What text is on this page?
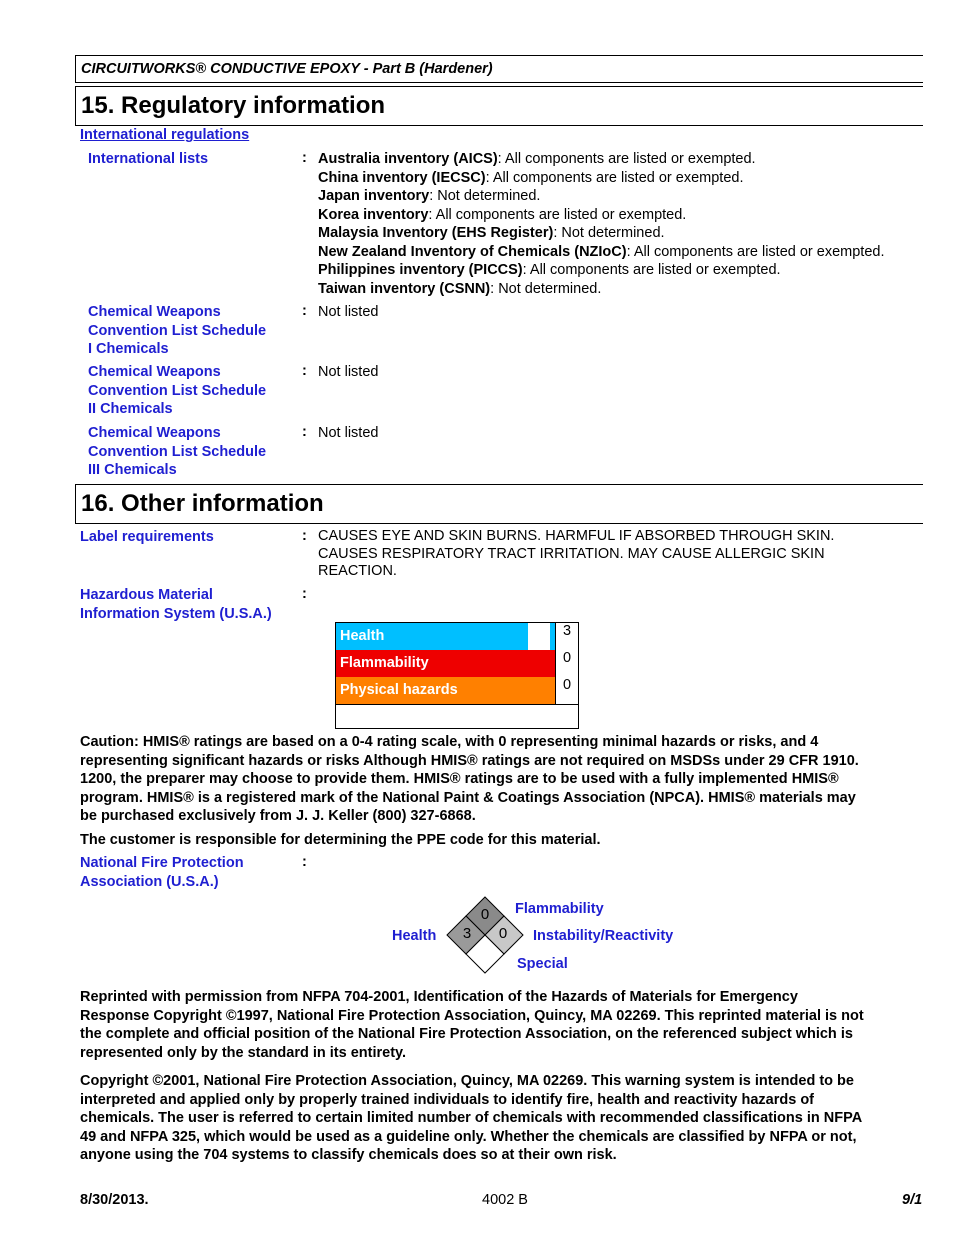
CIRCUITWORKS® CONDUCTIVE EPOXY - Part B (Hardener)
15. Regulatory information
International regulations
International lists	: Australia inventory (AICS): All components are listed or exempted.

China inventory (IECSC): All components are listed or exempted.

Japan inventory: Not determined.

Korea inventory: All components are listed or exempted.

Malaysia Inventory (EHS Register): Not determined.

New Zealand Inventory of Chemicals (NZIoC): All components are listed or exempted.

Philippines inventory (PICCS): All components are listed or exempted.

Taiwan inventory (CSNN): Not determined.

Chemical Weapons
Convention List Schedule
I Chemicals
: Not listed
Chemical Weapons
Convention List Schedule
II Chemicals
: Not listed
Chemical Weapons
Convention List Schedule
III Chemicals
: Not listed
16. Other information
Label requirements	: CAUSES EYE AND SKIN BURNS. HARMFUL IF ABSORBED THROUGH SKIN.

CAUSES RESPIRATORY TRACT IRRITATION. MAY CAUSE ALLERGIC SKIN

REACTION.

Hazardous Material
Information System (U.S.A.)
:
Health	3
Flammability	0
Physical hazards	0
Caution: HMIS® ratings are based on a 0-4 rating scale, with 0 representing minimal hazards or risks, and 4
representing significant hazards or risks Although HMIS® ratings are not required on MSDSs under 29 CFR 1910.
1200, the preparer may choose to provide them. HMIS® ratings are to be used with a fully implemented HMIS®
program. HMIS® is a registered mark of the National Paint & Coatings Association (NPCA). HMIS® materials may
be purchased exclusively from J. J. Keller (800) 327-6868.
The customer is responsible for determining the PPE code for this material.
National Fire Protection
Association (U.S.A.)
:
0
3 0
Flammability
Health	Instability/Reactivity
Special
Reprinted with permission from NFPA 704-2001, Identification of the Hazards of Materials for Emergency
Response Copyright ©1997, National Fire Protection Association, Quincy, MA 02269. This reprinted material is not
the complete and official position of the National Fire Protection Association, on the referenced subject which is
represented only by the standard in its entirety.
Copyright ©2001, National Fire Protection Association, Quincy, MA 02269. This warning system is intended to be
interpreted and applied only by properly trained individuals to identify fire, health and reactivity hazards of
chemicals. The user is referred to certain limited number of chemicals with recommended classifications in NFPA
49 and NFPA 325, which would be used as a guideline only. Whether the chemicals are classified by NFPA or not,
anyone using the 704 systems to classify chemicals does so at their own risk.
8/30/2013.	4002 B	9/1
